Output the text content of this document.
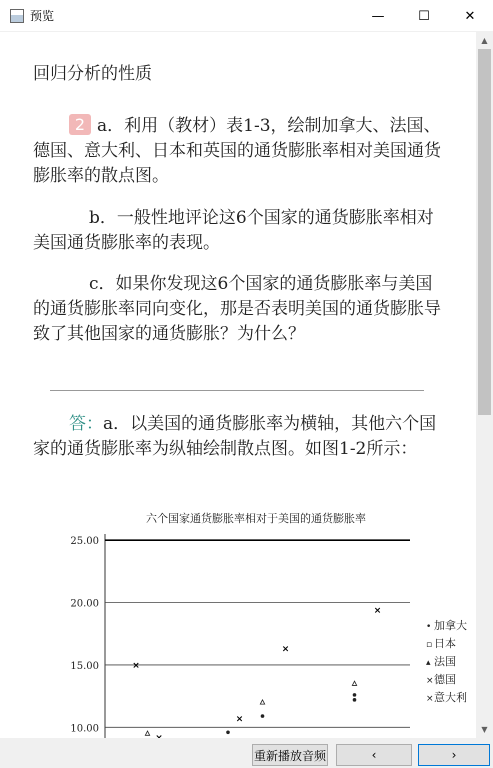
预览	—	☐	✕
回归分析的性质
2 a．利用（教材）表1-3，绘制加拿大、法国、德国、意大利、日本和英国的通货膨胀率相对美国通货膨胀率的散点图。
b．一般性地评论这6个国家的通货膨胀率相对美国通货膨胀率的表现。
c．如果你发现这6个国家的通货膨胀率与美国的通货膨胀率同向变化，那是否表明美国的通货膨胀导致了其他国家的通货膨胀？为什么？
答：a．以美国的通货膨胀率为横轴，其他六个国家的通货膨胀率为纵轴绘制散点图。如图1-2所示：
六个国家通货膨胀率相对于美国的通货膨胀率
25.00
20.00
15.00
10.00
×
×
×
×
• 加拿大
▫ 日本
▴ 法国
× 德国
× 意大利
▲
▼
重新播放音频	‹	›
